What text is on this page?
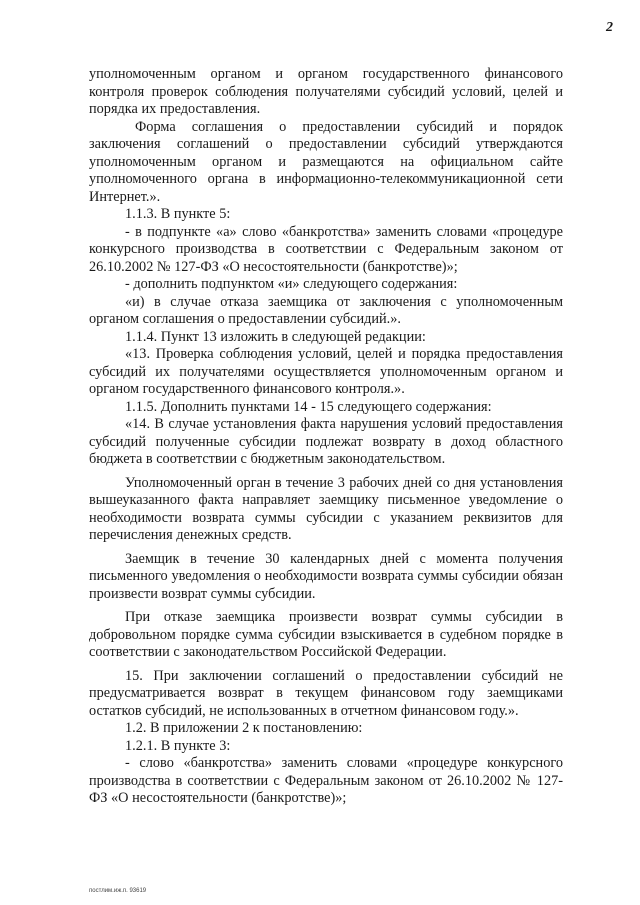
2

уполномоченным органом и органом государственного финансового контроля проверок соблюдения получателями субсидий условий, целей и порядка их предоставления.

Форма соглашения о предоставлении субсидий и порядок заключения соглашений о предоставлении субсидий утверждаются уполномоченным органом и размещаются на официальном сайте уполномоченного органа в информационно-телекоммуникационной сети Интернет.».

1.1.3. В пункте 5:

- в подпункте «а» слово «банкротства» заменить словами «процедуре конкурсного производства в соответствии с Федеральным законом от 26.10.2002 № 127-ФЗ «О несостоятельности (банкротстве)»;

- дополнить подпунктом «и» следующего содержания:

«и) в случае отказа заемщика от заключения с уполномоченным органом соглашения о предоставлении субсидий.».

1.1.4. Пункт 13 изложить в следующей редакции:

«13. Проверка соблюдения условий, целей и порядка предоставления субсидий их получателями осуществляется уполномоченным органом и органом государственного финансового контроля.».

1.1.5. Дополнить пунктами 14 - 15 следующего содержания:

«14. В случае установления факта нарушения условий предоставления субсидий полученные субсидии подлежат возврату в доход областного бюджета в соответствии с бюджетным законодательством.

Уполномоченный орган в течение 3 рабочих дней со дня установления вышеуказанного факта направляет заемщику письменное уведомление о необходимости возврата суммы субсидии с указанием реквизитов для перечисления денежных средств.

Заемщик в течение 30 календарных дней с момента получения письменного уведомления о необходимости возврата суммы субсидии обязан произвести возврат суммы субсидии.

При отказе заемщика произвести возврат суммы субсидии в добровольном порядке сумма субсидии взыскивается в судебном порядке в соответствии с законодательством Российской Федерации.

15. При заключении соглашений о предоставлении субсидий не предусматривается возврат в текущем финансовом году заемщиками остатков субсидий, не использованных в отчетном финансовом году.».

1.2. В приложении 2 к постановлению:

1.2.1. В пункте 3:

- слово «банкротства» заменить словами «процедуре конкурсного производства в соответствии с Федеральным законом от 26.10.2002 № 127-ФЗ «О несостоятельности (банкротстве)»;

постлим.иж.п. 93619
